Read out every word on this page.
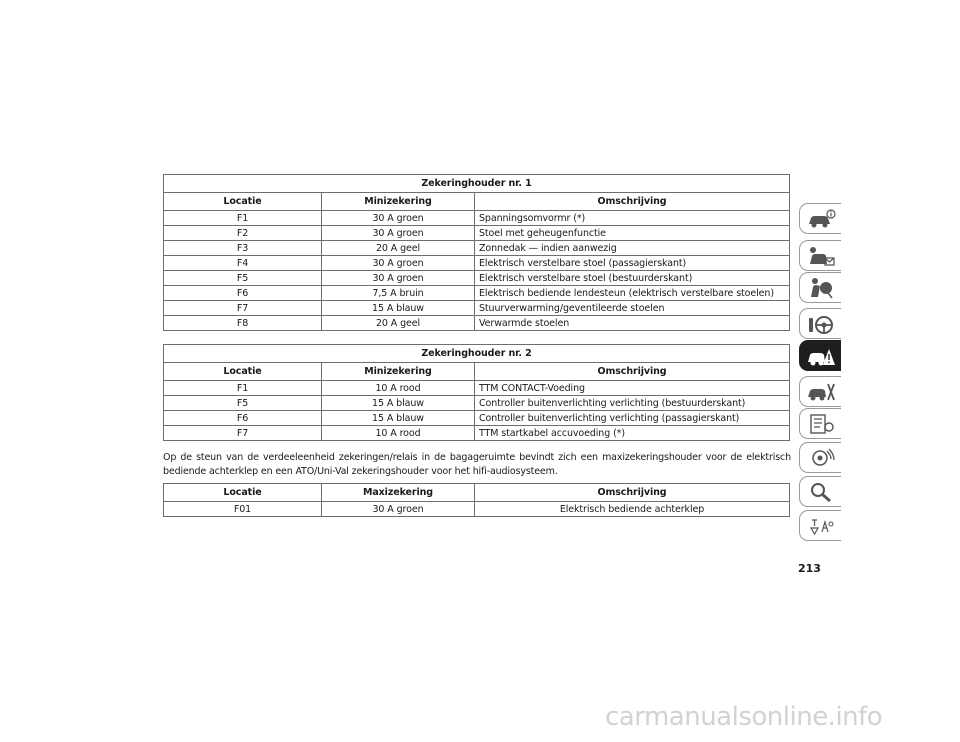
Zekeringhouder nr. 1		
Locatie	Minizekering	Omschrijving
F1	30 A groen	Spanningsomvormr (*)
F2	30 A groen	Stoel met geheugenfunctie
F3	20 A geel	Zonnedak — indien aanwezig
F4	30 A groen	Elektrisch verstelbare stoel (passagierskant)
F5	30 A groen	Elektrisch verstelbare stoel (bestuurderskant)
F6	7,5 A bruin	Elektrisch bediende lendesteun (elektrisch verstelbare stoelen)
F7	15 A blauw	Stuurverwarming/geventileerde stoelen
F8	20 A geel	Verwarmde stoelen
Zekeringhouder nr. 2		
Locatie	Minizekering	Omschrijving
F1	10 A rood	TTM CONTACT-Voeding
F5	15 A blauw	Controller buitenverlichting verlichting (bestuurderskant)
F6	15 A blauw	Controller buitenverlichting verlichting (passagierskant)
F7	10 A rood	TTM startkabel accuvoeding (*)

Op de steun van de verdeeleenheid zekeringen/relais in de bagageruimte bevindt zich een maxizekeringshouder voor de elektrisch bediende achterklep en een ATO/Uni-Val zekeringshouder voor het hifi-audiosysteem.

Locatie	Maxizekering	Omschrijving
F01	30 A groen	Elektrisch bediende achterklep
213
carmanualsonline.info
